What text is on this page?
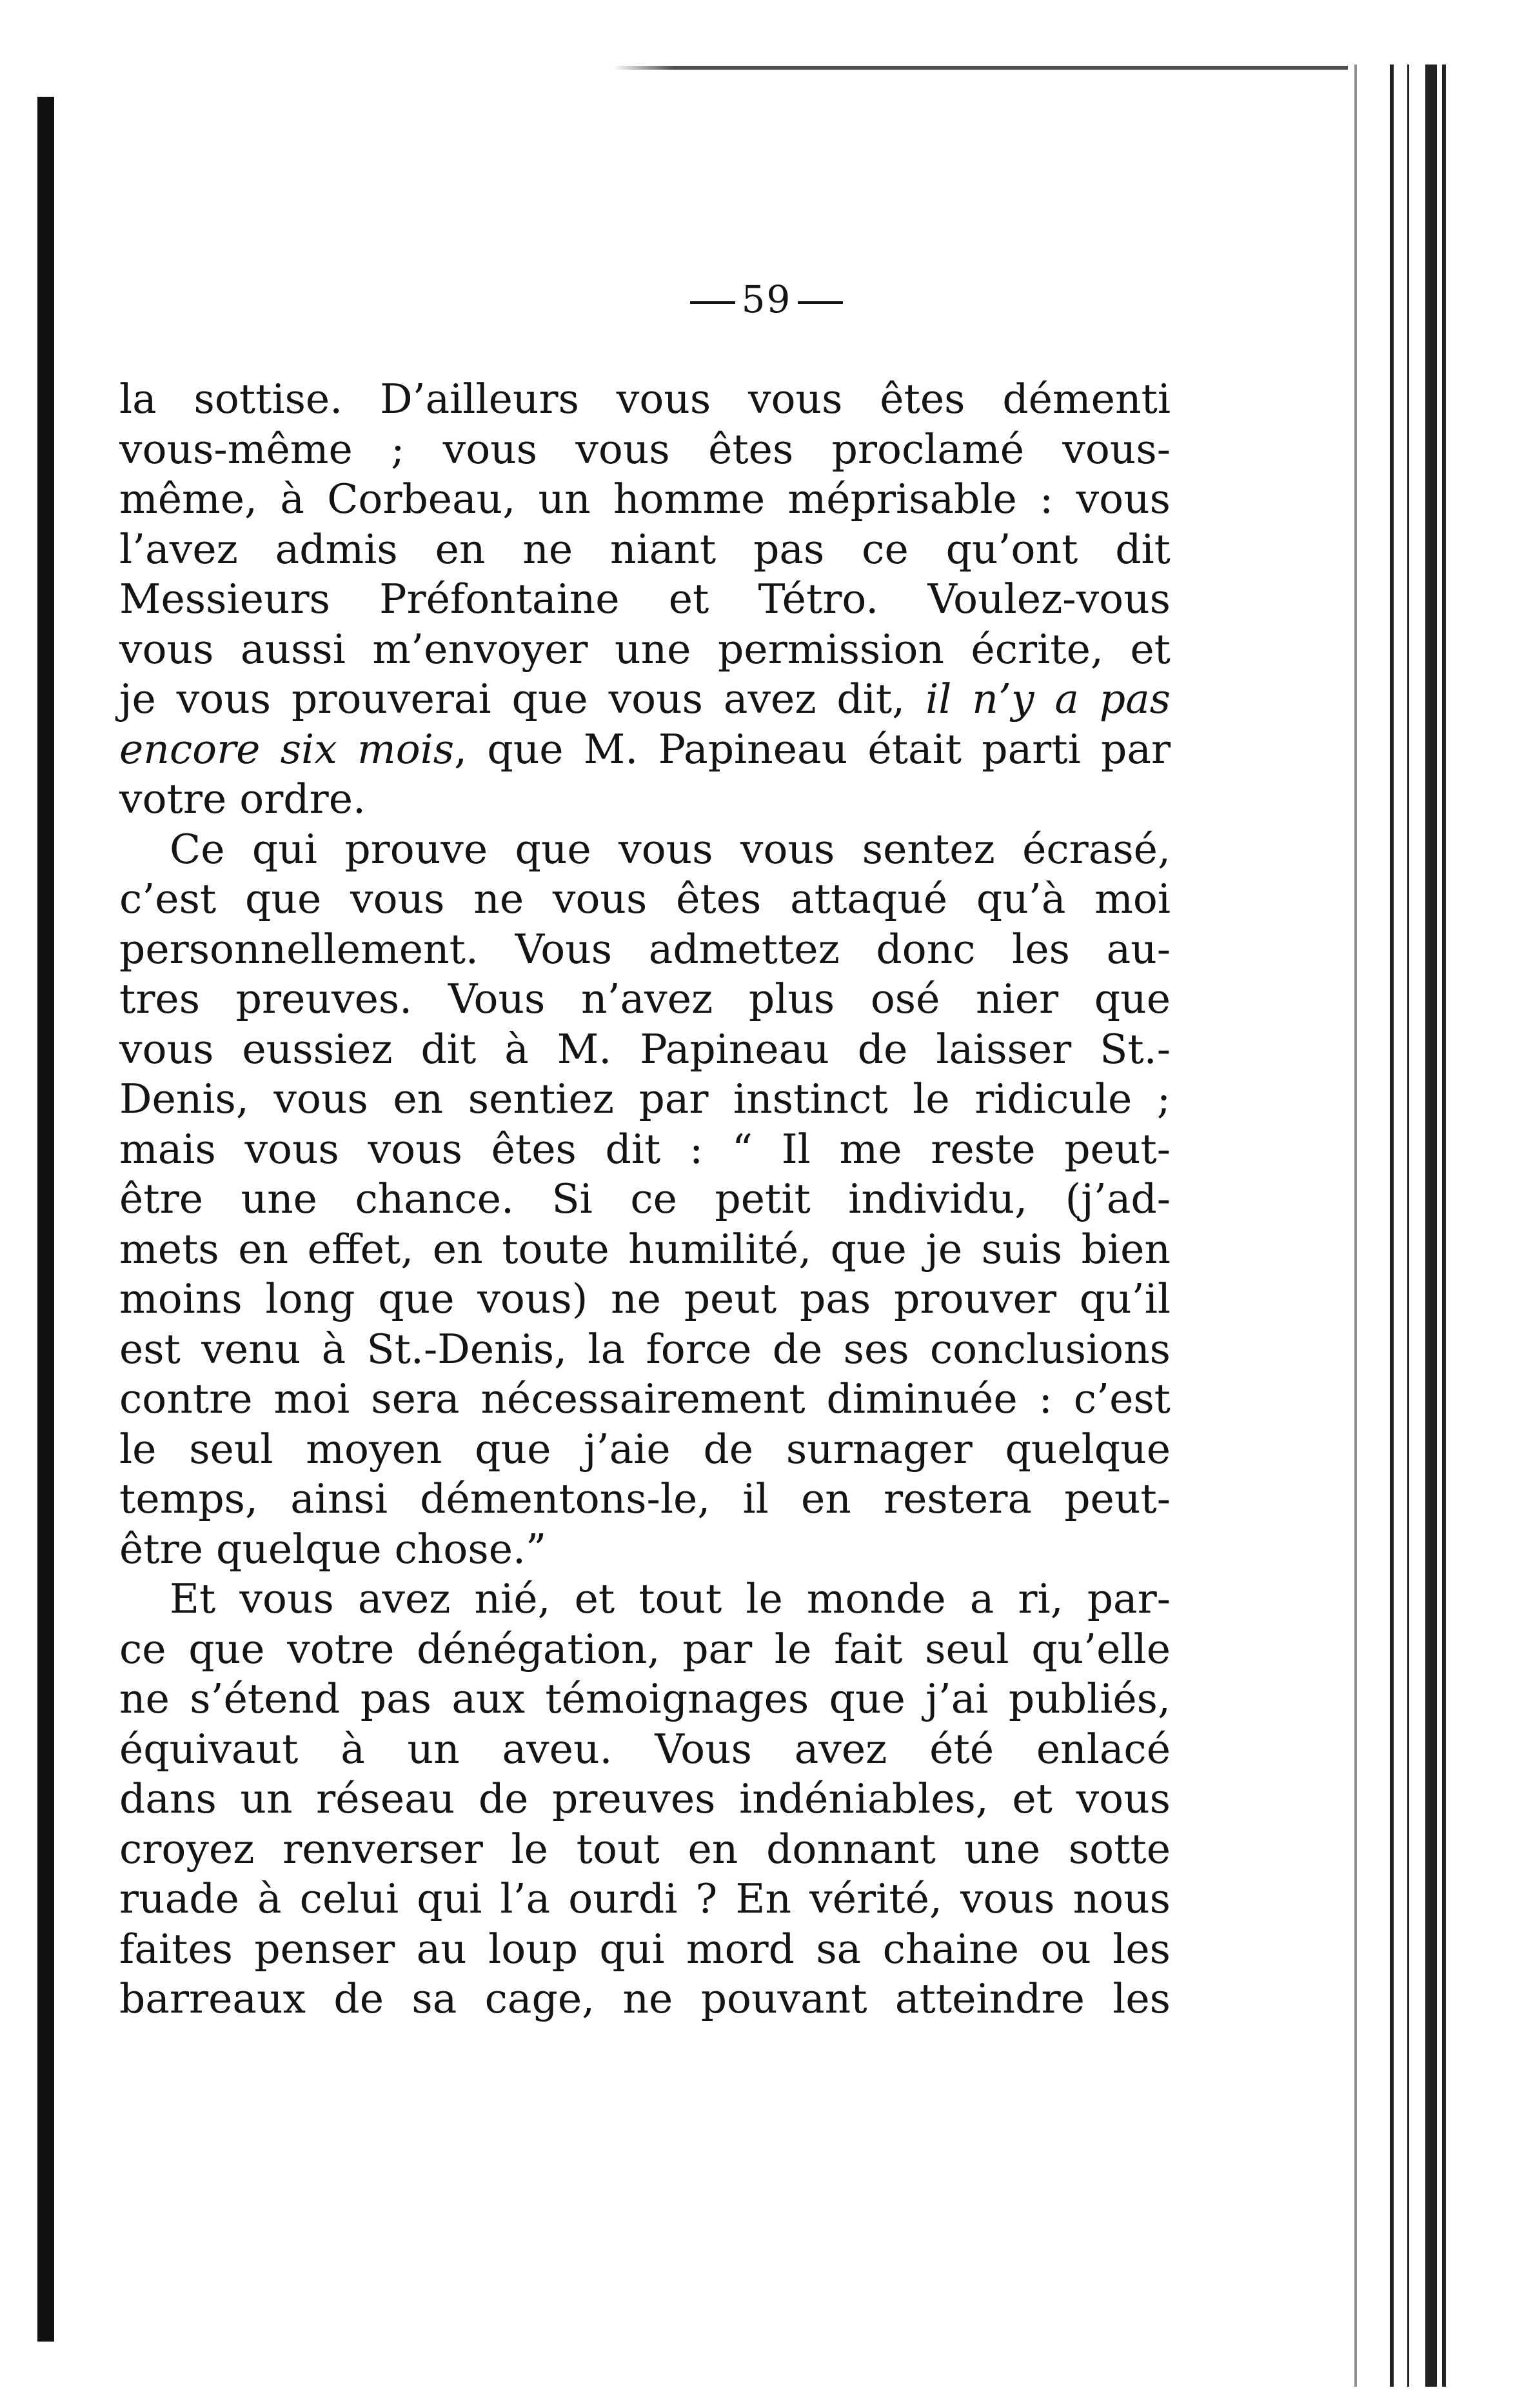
59
la sottise. D’ailleurs vous vous êtes démenti
vous-même ; vous vous êtes proclamé vous-
même, à Corbeau, un homme méprisable : vous
l’avez admis en ne niant pas ce qu’ont dit
Messieurs Préfontaine et Tétro. Voulez-vous
vous aussi m’envoyer une permission écrite, et
je vous prouverai que vous avez dit, il n’y a pas
encore six mois, que M. Papineau était parti par
votre ordre.
Ce qui prouve que vous vous sentez écrasé,
c’est que vous ne vous êtes attaqué qu’à moi
personnellement. Vous admettez donc les au-
tres preuves. Vous n’avez plus osé nier que
vous eussiez dit à M. Papineau de laisser St.-
Denis, vous en sentiez par instinct le ridicule ;
mais vous vous êtes dit : “ Il me reste peut-
être une chance. Si ce petit individu, (j’ad-
mets en effet, en toute humilité, que je suis bien
moins long que vous) ne peut pas prouver qu’il
est venu à St.-Denis, la force de ses conclusions
contre moi sera nécessairement diminuée : c’est
le seul moyen que j’aie de surnager quelque
temps, ainsi démentons-le, il en restera peut-
être quelque chose.”
Et vous avez nié, et tout le monde a ri, par-
ce que votre dénégation, par le fait seul qu’elle
ne s’étend pas aux témoignages que j’ai publiés,
équivaut à un aveu. Vous avez été enlacé
dans un réseau de preuves indéniables, et vous
croyez renverser le tout en donnant une sotte
ruade à celui qui l’a ourdi ? En vérité, vous nous
faites penser au loup qui mord sa chaine ou les
barreaux de sa cage, ne pouvant atteindre les
